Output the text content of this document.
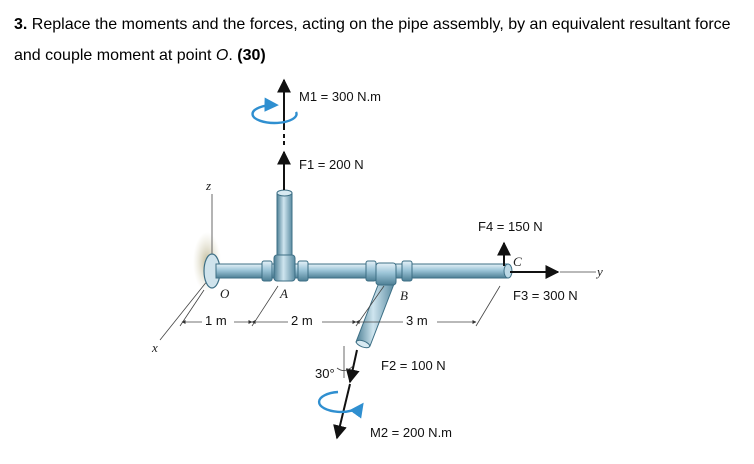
3. Replace the moments and the forces, acting on the pipe assembly, by an equivalent resultant force and couple moment at point O. (30)
z
y
x
O	A	B
C
M1 = 300 N.m
F1 = 200 N
F4 = 150 N
F3 = 300 N
F2 = 100 N
30°
M2 = 200 N.m
1 m	2 m	3 m
